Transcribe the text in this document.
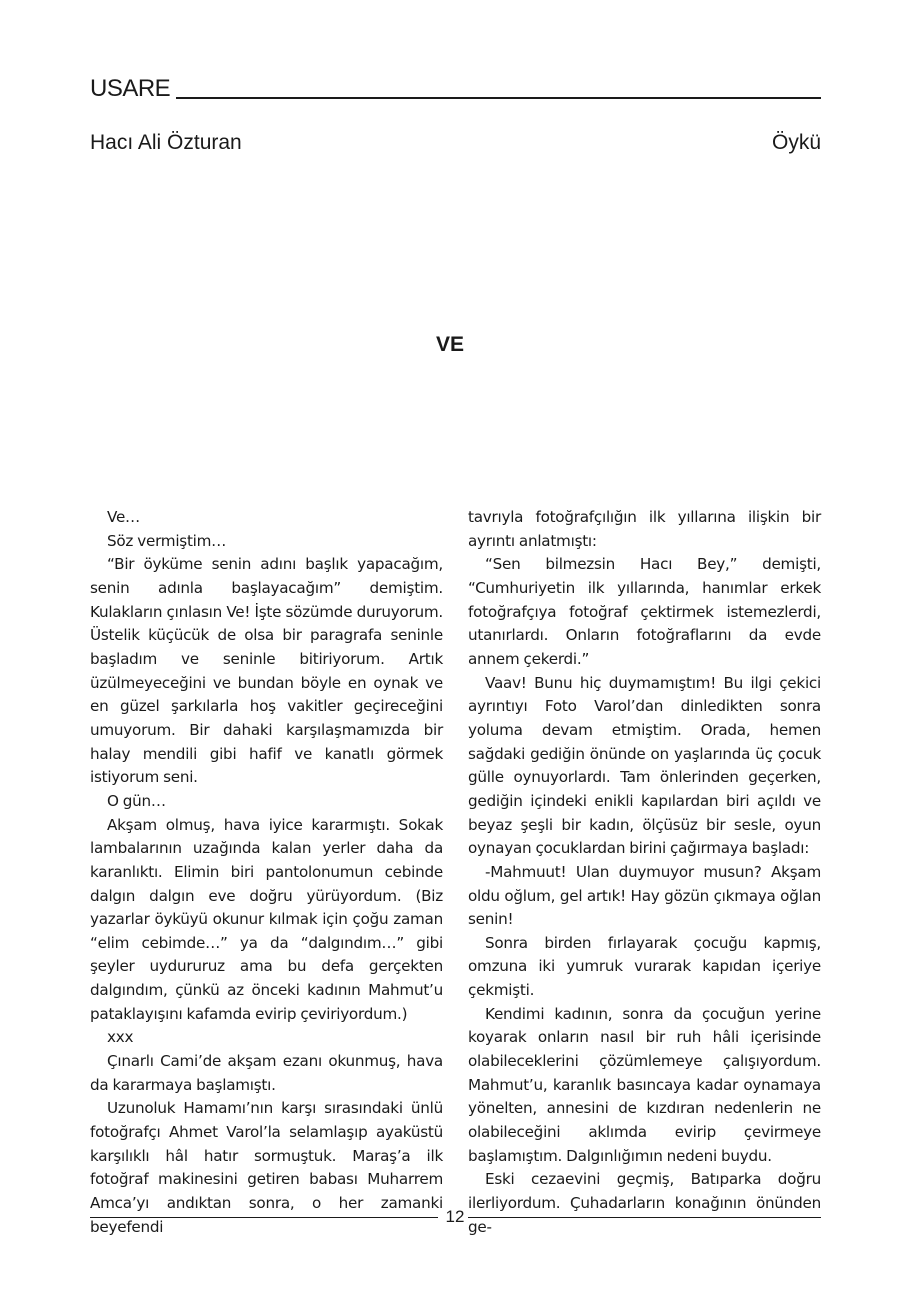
USARE
Hacı Ali Özturan	Öykü
VE

Ve…

Söz vermiştim…

“Bir öyküme senin adını başlık yapacağım, senin adınla başlayacağım” demiştim. Kulakların çınlasın Ve! İşte sözümde duruyorum. Üstelik küçücük de olsa bir paragrafa seninle başladım ve seninle bitiriyorum. Artık üzülmeyeceğini ve bundan böyle en oynak ve en güzel şarkılarla hoş vakitler geçireceğini umuyorum. Bir dahaki karşılaşmamızda bir halay mendili gibi hafif ve kanatlı görmek istiyorum seni.

O gün…

Akşam olmuş, hava iyice kararmıştı. Sokak lambalarının uzağında kalan yerler daha da karanlıktı. Elimin biri pantolonumun cebinde dalgın dalgın eve doğru yürüyordum. (Biz yazarlar öyküyü okunur kılmak için çoğu zaman “elim cebimde…” ya da “dalgındım…” gibi şeyler uydururuz ama bu defa gerçekten dalgındım, çünkü az önceki kadının Mahmut’u pataklayışını kafamda evirip çeviriyordum.)

xxx

Çınarlı Cami’de akşam ezanı okunmuş, hava da kararmaya başlamıştı.

Uzunoluk Hamamı’nın karşı sırasındaki ünlü fotoğrafçı Ahmet Varol’la selamlaşıp ayaküstü karşılıklı hâl hatır sormuştuk. Maraş’a ilk fotoğraf makinesini getiren babası Muharrem Amca’yı andıktan sonra, o her zamanki beyefendi

tavrıyla fotoğrafçılığın ilk yıllarına ilişkin bir ayrıntı anlatmıştı:

“Sen bilmezsin Hacı Bey,” demişti, “Cumhuriyetin ilk yıllarında, hanımlar erkek fotoğrafçıya fotoğraf çektirmek istemezlerdi, utanırlardı. Onların fotoğraflarını da evde annem çekerdi.”

Vaav! Bunu hiç duymamıştım! Bu ilgi çekici ayrıntıyı Foto Varol’dan dinledikten sonra yoluma devam etmiştim. Orada, hemen sağdaki gediğin önünde on yaşlarında üç çocuk gülle oynuyorlardı. Tam önlerinden geçerken, gediğin içindeki enikli kapılardan biri açıldı ve beyaz şeşli bir kadın, ölçüsüz bir sesle, oyun oynayan çocuklardan birini çağırmaya başladı:

-Mahmuut! Ulan duymuyor musun? Akşam oldu oğlum, gel artık! Hay gözün çıkmaya oğlan senin!

Sonra birden fırlayarak çocuğu kapmış, omzuna iki yumruk vurarak kapıdan içeriye çekmişti.

Kendimi kadının, sonra da çocuğun yerine koyarak onların nasıl bir ruh hâli içerisinde olabileceklerini çözümlemeye çalışıyordum. Mahmut’u, karanlık basıncaya kadar oynamaya yönelten, annesini de kızdıran nedenlerin ne olabileceğini aklımda evirip çevirmeye başlamıştım. Dalgınlığımın nedeni buydu.

Eski cezaevini geçmiş, Batıparka doğru ilerliyordum. Çuhadarların konağının önünden ge-

12
